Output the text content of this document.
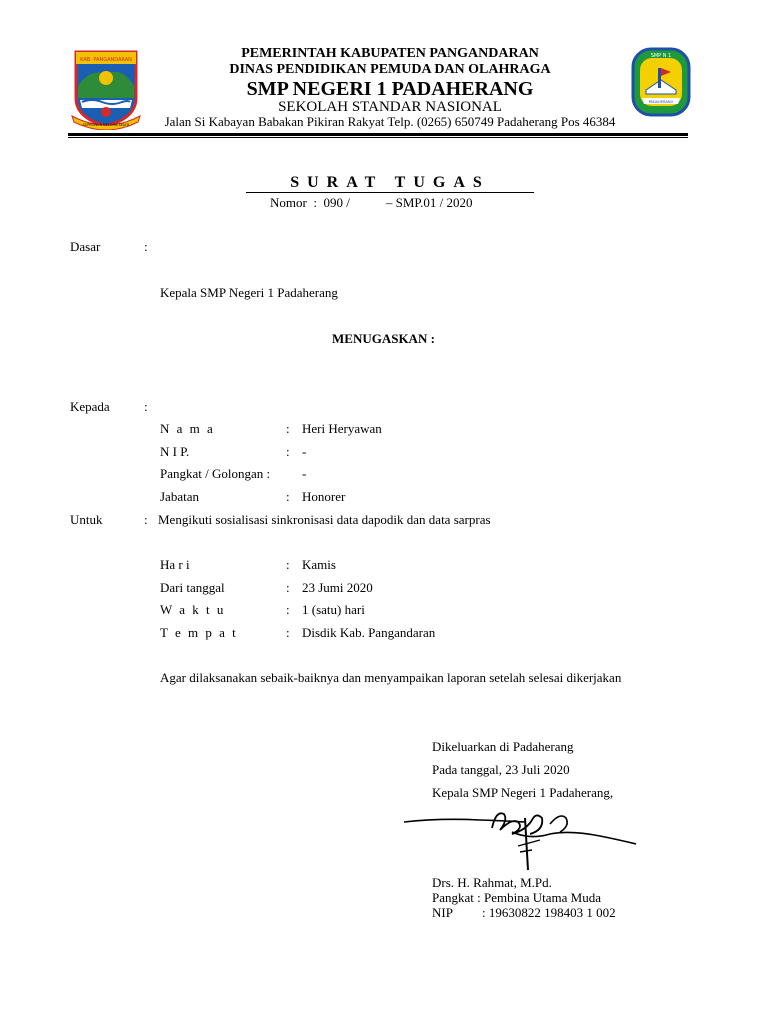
KAB. PANGANDARAN
SEPRONUH BELOHA SEJATI
SMP N 1
PADAHERANG
PEMERINTAH KABUPATEN PANGANDARAN
DINAS PENDIDIKAN PEMUDA DAN OLAHRAGA
SMP NEGERI 1 PADAHERANG
SEKOLAH STANDAR NASIONAL
Jalan Si Kabayan Babakan Pikiran Rakyat Telp. (0265) 650749 Padaherang Pos 46384
SURAT TUGAS
Nomor : 090 /	– SMP.01 / 2020
Dasar	:
Kepala SMP Negeri 1 Padaherang
MENUGASKAN :
Kepada	:
N a m a	: Heri Heryawan
N I P.	: -
Pangkat / Golongan : -
Jabatan	: Honorer
Untuk	: Mengikuti sosialisasi sinkronisasi data dapodik dan data sarpras
Ha r i	: Kamis
Dari tanggal	: 23 Jumi 2020
W a k t u	: 1 (satu) hari
T e m p a t	: Disdik Kab. Pangandaran
Agar dilaksanakan sebaik-baiknya dan menyampaikan laporan setelah selesai dikerjakan
Dikeluarkan di Padaherang
Pada tanggal, 23 Juli 2020
Kepala SMP Negeri 1 Padaherang,
Drs. H. Rahmat, M.Pd.
Pangkat : Pembina Utama Muda
NIP : 19630822 198403 1 002
